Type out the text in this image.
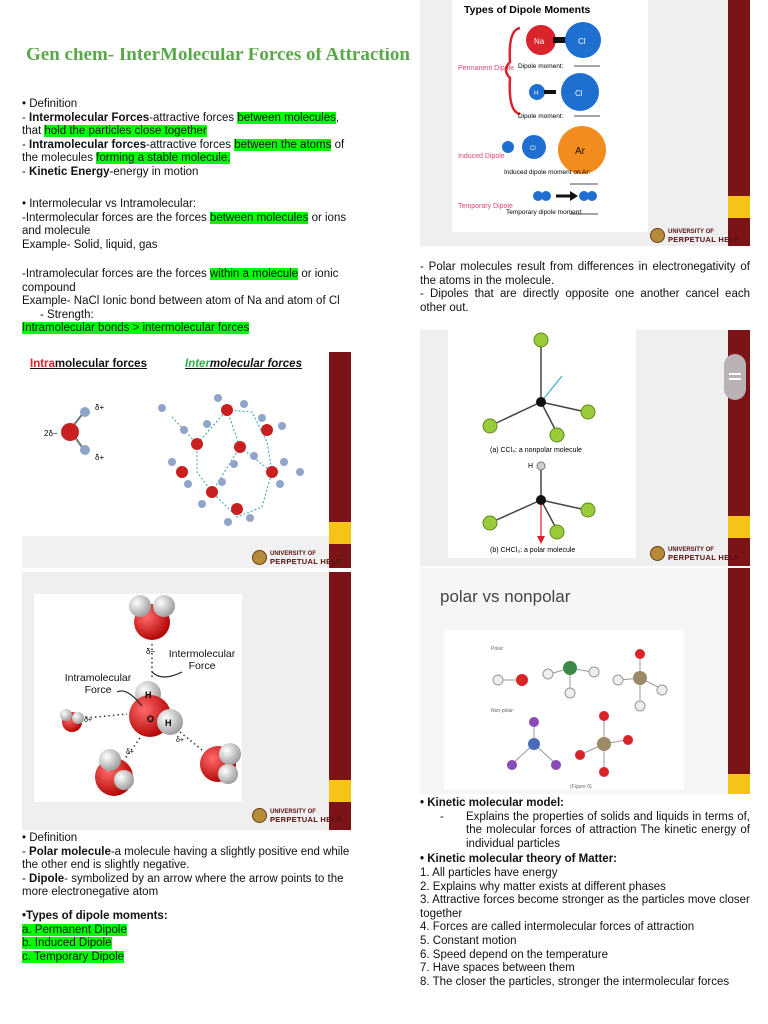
Gen chem- InterMolecular Forces of Attraction

• Definition

- Intermolecular Forces-attractive forces between molecules,

that hold the particles close together

- Intramolecular forces-attractive forces between the atoms of

the molecules forming a stable molecule.

- Kinetic Energy-energy in motion

• Intermolecular vs Intramolecular:

-Intermolecular forces are the forces between molecules or ions

and molecule

Example- Solid, liquid, gas

-Intramolecular forces are the forces within a molecule or ionic

compound

Example- NaCl Ionic bond between atom of Na and atom of Cl

- Strength:

Intramolecular bonds > intermolecular forces

Intramolecular forces	Intermolecular forces
δ+
δ+
2δ−
UNIVERSITY OF
PERPETUAL HELP
δ−
H
O H
δ+
δ+
δ+
Intermolecular Force
Intramolecular Force
UNIVERSITY OF
PERPETUAL HELP

• Definition

- Polar molecule-a molecule having a slightly positive end while the other end is slightly negative.

- Dipole- symbolized by an arrow where the arrow points to the more electronegative atom

•Types of dipole moments:

a. Permanent Dipole

b. Induced Dipole

c. Temporary Dipole

Types of Dipole Moments
Permanent Dipole
Na	Cl
Dipole moment:
H	Cl
Dipole moment:
Induced Dipole
Cl	Ar
Induced dipole moment on Ar:
Temporary Dipole
Temporary dipole moment:
UNIVERSITY OF
PERPETUAL HELP

- Polar molecules result from differences in electronegativity of the atoms in the molecule.

- Dipoles that are directly opposite one another cancel each other out.

H
(a) CCl₄: a nonpolar molecule
(b) CHCl₃: a polar molecule	UNIVERSITY OF
PERPETUAL HELP
polar vs nonpolar
Polar:
Non-polar:
(Figure 6)

• Kinetic molecular model:

-	Explains the properties of solids and liquids in terms of, the molecular forces of attraction The kinetic energy of individual particles

• Kinetic molecular theory of Matter:

1. All particles have energy
2. Explains why matter exists at different phases
3. Attractive forces become stronger as the particles move closer together
4. Forces are called intermolecular forces of attraction
5. Constant motion
6. Speed depend on the temperature
7. Have spaces between them
8. The closer the particles, stronger the intermolecular forces
